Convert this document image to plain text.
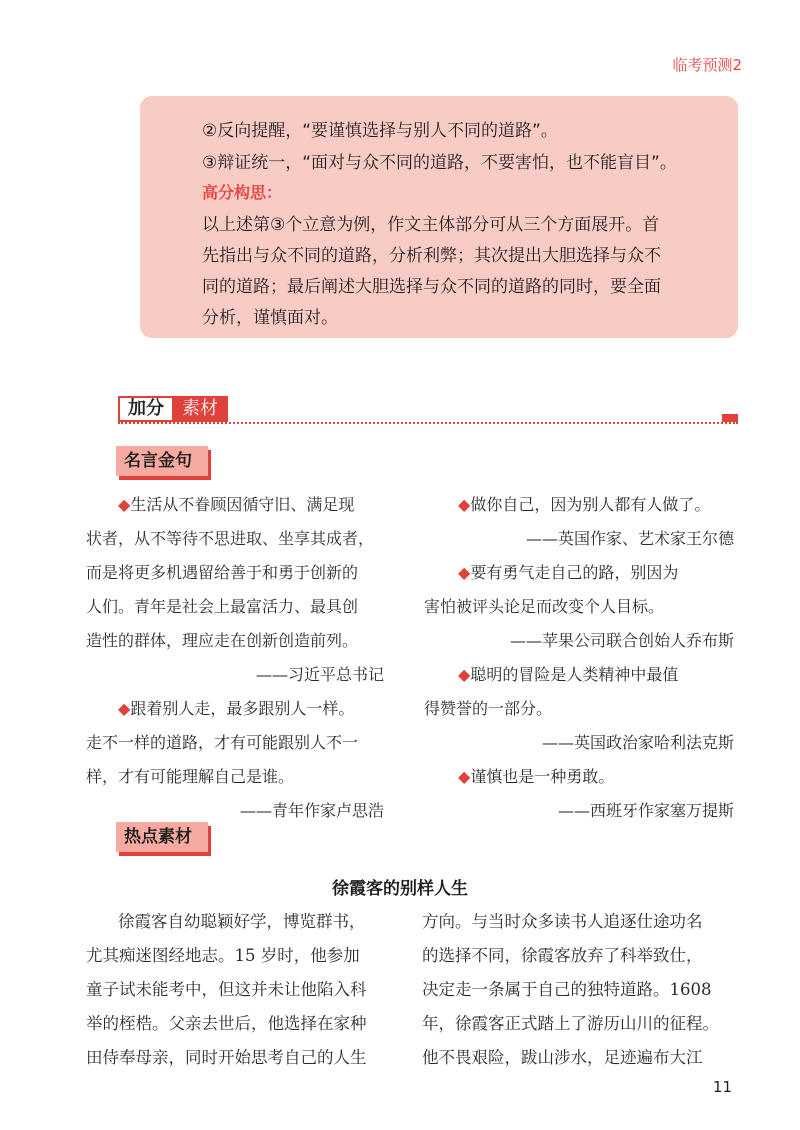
临考预测2
②反向提醒，“要谨慎选择与别人不同的道路”。
③辩证统一，“面对与众不同的道路，不要害怕，也不能盲目”。
高分构思：
以上述第③个立意为例，作文主体部分可从三个方面展开。首
先指出与众不同的道路，分析利弊；其次提出大胆选择与众不
同的道路；最后阐述大胆选择与众不同的道路的同时，要全面
分析，谨慎面对。
加分	素材
名言金句
◆生活从不眷顾因循守旧、满足现
状者，从不等待不思进取、坐享其成者，
而是将更多机遇留给善于和勇于创新的
人们。青年是社会上最富活力、最具创
造性的群体，理应走在创新创造前列。
——习近平总书记
◆跟着别人走，最多跟别人一样。
走不一样的道路，才有可能跟别人不一
样，才有可能理解自己是谁。
——青年作家卢思浩
◆做你自己，因为别人都有人做了。
——英国作家、艺术家王尔德
◆要有勇气走自己的路，别因为
害怕被评头论足而改变个人目标。
——苹果公司联合创始人乔布斯
◆聪明的冒险是人类精神中最值
得赞誉的一部分。
——英国政治家哈利法克斯
◆谨慎也是一种勇敢。
——西班牙作家塞万提斯
热点素材
徐霞客的别样人生
徐霞客自幼聪颖好学，博览群书，
尤其痴迷图经地志。15 岁时，他参加
童子试未能考中，但这并未让他陷入科
举的桎梏。父亲去世后，他选择在家种
田侍奉母亲，同时开始思考自己的人生
方向。与当时众多读书人追逐仕途功名
的选择不同，徐霞客放弃了科举致仕，
决定走一条属于自己的独特道路。1608
年，徐霞客正式踏上了游历山川的征程。
他不畏艰险，跋山涉水，足迹遍布大江
11
